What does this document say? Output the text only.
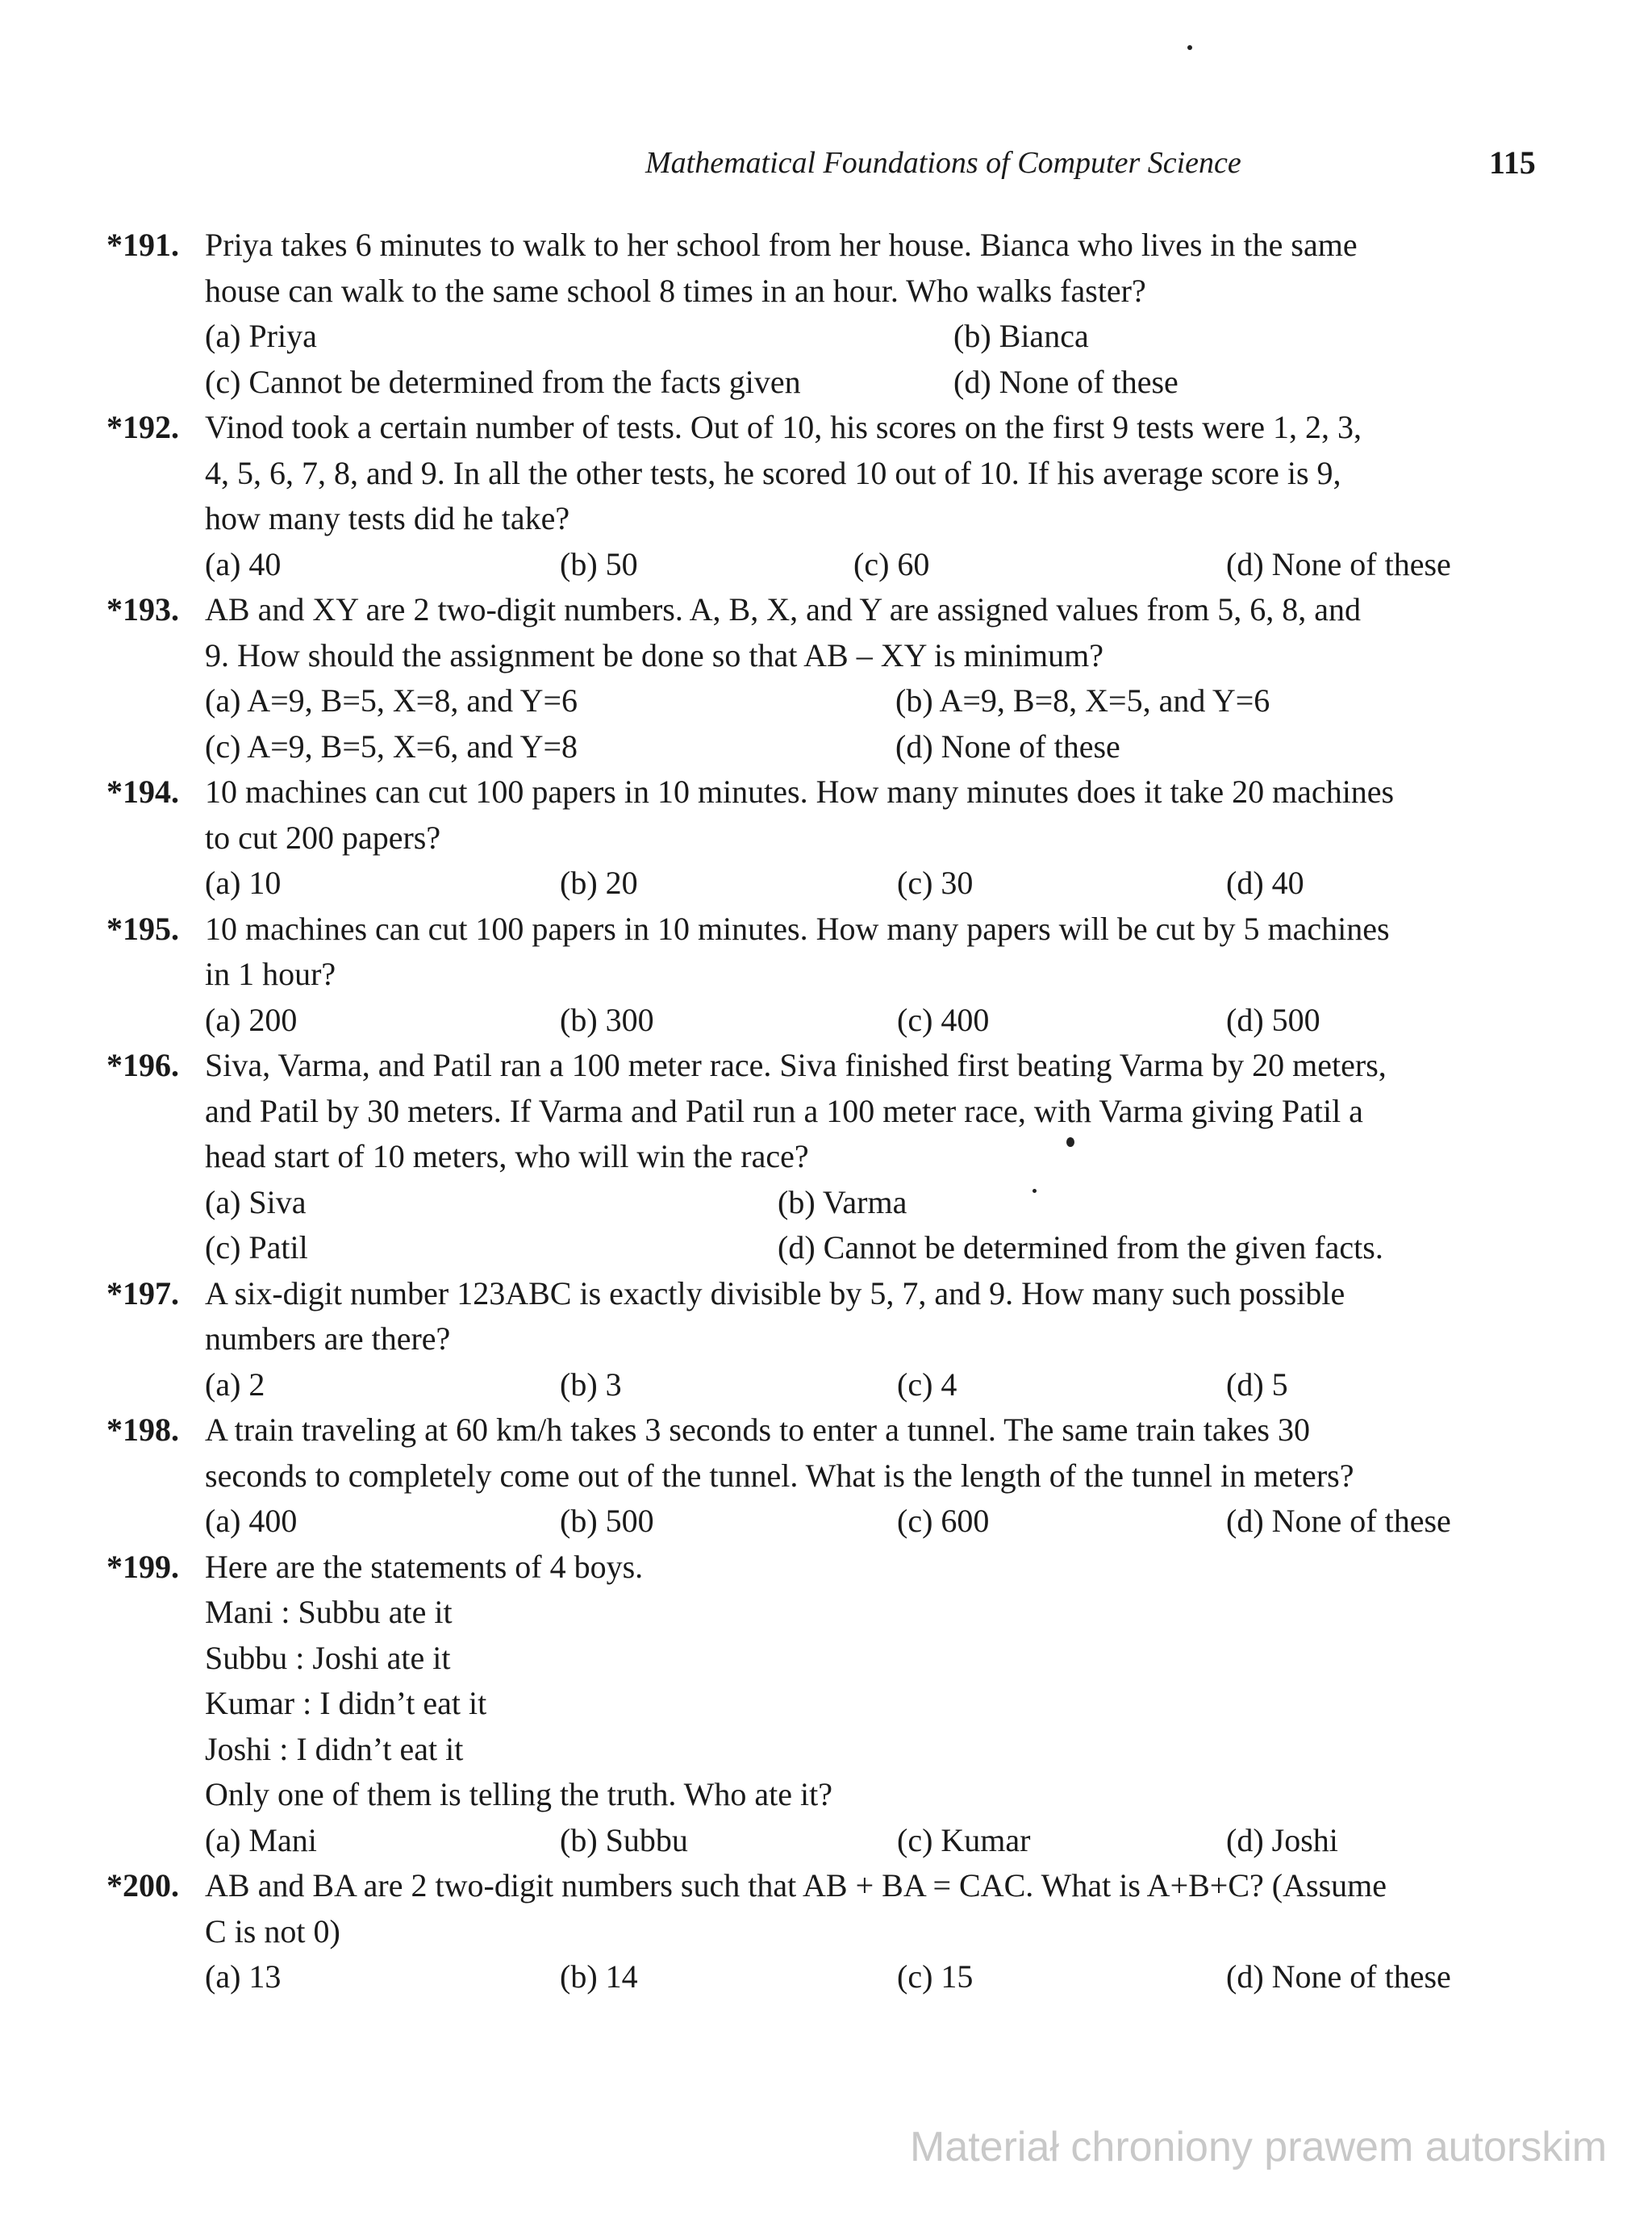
Mathematical Foundations of Computer Science	115
*191. Priya takes 6 minutes to walk to her school from her house. Bianca who lives in the same
house can walk to the same school 8 times in an hour. Who walks faster?
(a) Priya	(b) Bianca
(c) Cannot be determined from the facts given	(d) None of these
*192. Vinod took a certain number of tests. Out of 10, his scores on the first 9 tests were 1, 2, 3,
4, 5, 6, 7, 8, and 9. In all the other tests, he scored 10 out of 10. If his average score is 9,
how many tests did he take?
(a) 40	(b) 50	(c) 60	(d) None of these
*193. AB and XY are 2 two-digit numbers. A, B, X, and Y are assigned values from 5, 6, 8, and
9. How should the assignment be done so that AB – XY is minimum?
(a) A=9, B=5, X=8, and Y=6	(b) A=9, B=8, X=5, and Y=6
(c) A=9, B=5, X=6, and Y=8	(d) None of these
*194. 10 machines can cut 100 papers in 10 minutes. How many minutes does it take 20 machines
to cut 200 papers?
(a) 10	(b) 20	(c) 30	(d) 40
*195. 10 machines can cut 100 papers in 10 minutes. How many papers will be cut by 5 machines
in 1 hour?
(a) 200	(b) 300	(c) 400	(d) 500
*196. Siva, Varma, and Patil ran a 100 meter race. Siva finished first beating Varma by 20 meters,
and Patil by 30 meters. If Varma and Patil run a 100 meter race, with Varma giving Patil a
head start of 10 meters, who will win the race?
(a) Siva	(b) Varma
(c) Patil	(d) Cannot be determined from the given facts.
*197. A six-digit number 123ABC is exactly divisible by 5, 7, and 9. How many such possible
numbers are there?
(a) 2	(b) 3	(c) 4	(d) 5
*198. A train traveling at 60 km/h takes 3 seconds to enter a tunnel. The same train takes 30
seconds to completely come out of the tunnel. What is the length of the tunnel in meters?
(a) 400	(b) 500	(c) 600	(d) None of these
*199. Here are the statements of 4 boys.
Mani : Subbu ate it
Subbu : Joshi ate it
Kumar : I didn’t eat it
Joshi : I didn’t eat it
Only one of them is telling the truth. Who ate it?
(a) Mani	(b) Subbu	(c) Kumar	(d) Joshi
*200. AB and BA are 2 two-digit numbers such that AB + BA = CAC. What is A+B+C? (Assume
C is not 0)
(a) 13	(b) 14	(c) 15	(d) None of these
Materiał chroniony prawem autorskim
